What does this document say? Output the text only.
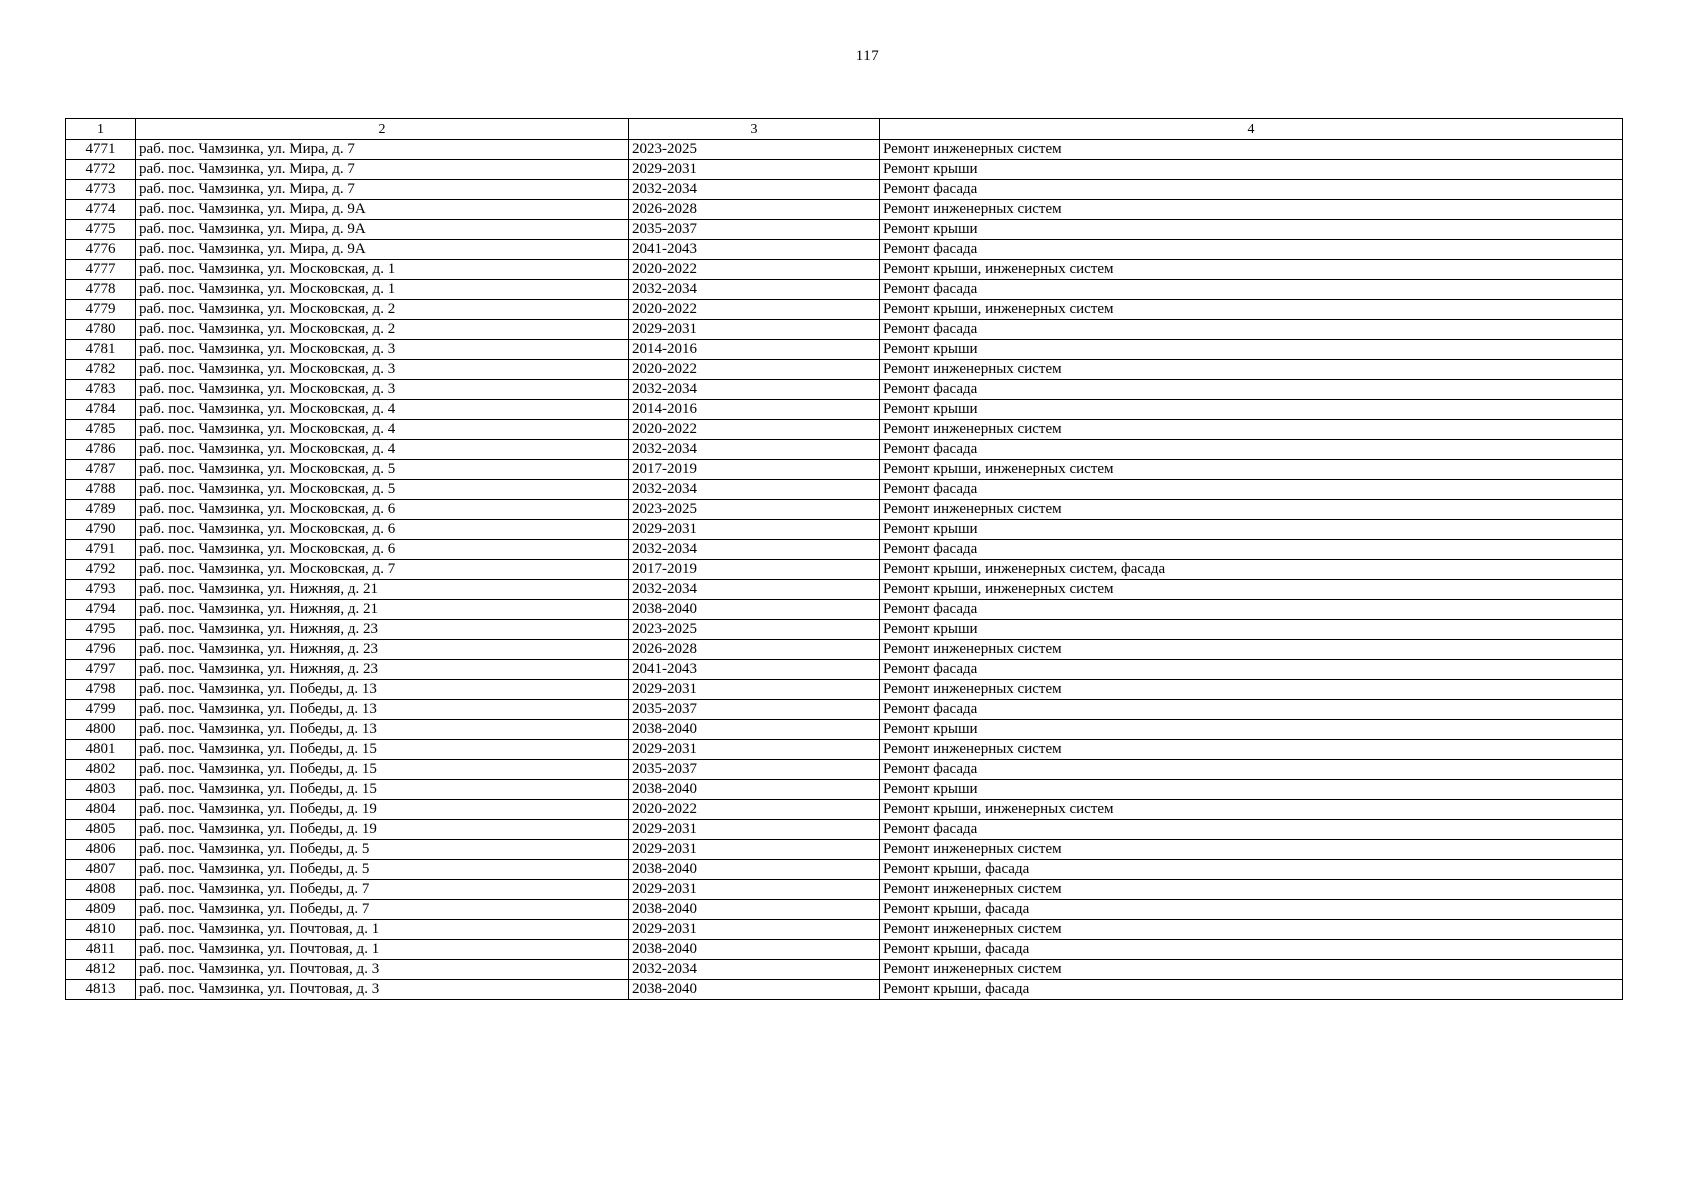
117
1	2	3	4
4771	раб. пос. Чамзинка, ул. Мира, д. 7	2023-2025	Ремонт инженерных систем
4772	раб. пос. Чамзинка, ул. Мира, д. 7	2029-2031	Ремонт крыши
4773	раб. пос. Чамзинка, ул. Мира, д. 7	2032-2034	Ремонт фасада
4774	раб. пос. Чамзинка, ул. Мира, д. 9А	2026-2028	Ремонт инженерных систем
4775	раб. пос. Чамзинка, ул. Мира, д. 9А	2035-2037	Ремонт крыши
4776	раб. пос. Чамзинка, ул. Мира, д. 9А	2041-2043	Ремонт фасада
4777	раб. пос. Чамзинка, ул. Московская, д. 1	2020-2022	Ремонт крыши, инженерных систем
4778	раб. пос. Чамзинка, ул. Московская, д. 1	2032-2034	Ремонт фасада
4779	раб. пос. Чамзинка, ул. Московская, д. 2	2020-2022	Ремонт крыши, инженерных систем
4780	раб. пос. Чамзинка, ул. Московская, д. 2	2029-2031	Ремонт фасада
4781	раб. пос. Чамзинка, ул. Московская, д. 3	2014-2016	Ремонт крыши
4782	раб. пос. Чамзинка, ул. Московская, д. 3	2020-2022	Ремонт инженерных систем
4783	раб. пос. Чамзинка, ул. Московская, д. 3	2032-2034	Ремонт фасада
4784	раб. пос. Чамзинка, ул. Московская, д. 4	2014-2016	Ремонт крыши
4785	раб. пос. Чамзинка, ул. Московская, д. 4	2020-2022	Ремонт инженерных систем
4786	раб. пос. Чамзинка, ул. Московская, д. 4	2032-2034	Ремонт фасада
4787	раб. пос. Чамзинка, ул. Московская, д. 5	2017-2019	Ремонт крыши, инженерных систем
4788	раб. пос. Чамзинка, ул. Московская, д. 5	2032-2034	Ремонт фасада
4789	раб. пос. Чамзинка, ул. Московская, д. 6	2023-2025	Ремонт инженерных систем
4790	раб. пос. Чамзинка, ул. Московская, д. 6	2029-2031	Ремонт крыши
4791	раб. пос. Чамзинка, ул. Московская, д. 6	2032-2034	Ремонт фасада
4792	раб. пос. Чамзинка, ул. Московская, д. 7	2017-2019	Ремонт крыши, инженерных систем, фасада
4793	раб. пос. Чамзинка, ул. Нижняя, д. 21	2032-2034	Ремонт крыши, инженерных систем
4794	раб. пос. Чамзинка, ул. Нижняя, д. 21	2038-2040	Ремонт фасада
4795	раб. пос. Чамзинка, ул. Нижняя, д. 23	2023-2025	Ремонт крыши
4796	раб. пос. Чамзинка, ул. Нижняя, д. 23	2026-2028	Ремонт инженерных систем
4797	раб. пос. Чамзинка, ул. Нижняя, д. 23	2041-2043	Ремонт фасада
4798	раб. пос. Чамзинка, ул. Победы, д. 13	2029-2031	Ремонт инженерных систем
4799	раб. пос. Чамзинка, ул. Победы, д. 13	2035-2037	Ремонт фасада
4800	раб. пос. Чамзинка, ул. Победы, д. 13	2038-2040	Ремонт крыши
4801	раб. пос. Чамзинка, ул. Победы, д. 15	2029-2031	Ремонт инженерных систем
4802	раб. пос. Чамзинка, ул. Победы, д. 15	2035-2037	Ремонт фасада
4803	раб. пос. Чамзинка, ул. Победы, д. 15	2038-2040	Ремонт крыши
4804	раб. пос. Чамзинка, ул. Победы, д. 19	2020-2022	Ремонт крыши, инженерных систем
4805	раб. пос. Чамзинка, ул. Победы, д. 19	2029-2031	Ремонт фасада
4806	раб. пос. Чамзинка, ул. Победы, д. 5	2029-2031	Ремонт инженерных систем
4807	раб. пос. Чамзинка, ул. Победы, д. 5	2038-2040	Ремонт крыши, фасада
4808	раб. пос. Чамзинка, ул. Победы, д. 7	2029-2031	Ремонт инженерных систем
4809	раб. пос. Чамзинка, ул. Победы, д. 7	2038-2040	Ремонт крыши, фасада
4810	раб. пос. Чамзинка, ул. Почтовая, д. 1	2029-2031	Ремонт инженерных систем
4811	раб. пос. Чамзинка, ул. Почтовая, д. 1	2038-2040	Ремонт крыши, фасада
4812	раб. пос. Чамзинка, ул. Почтовая, д. 3	2032-2034	Ремонт инженерных систем
4813	раб. пос. Чамзинка, ул. Почтовая, д. 3	2038-2040	Ремонт крыши, фасада
